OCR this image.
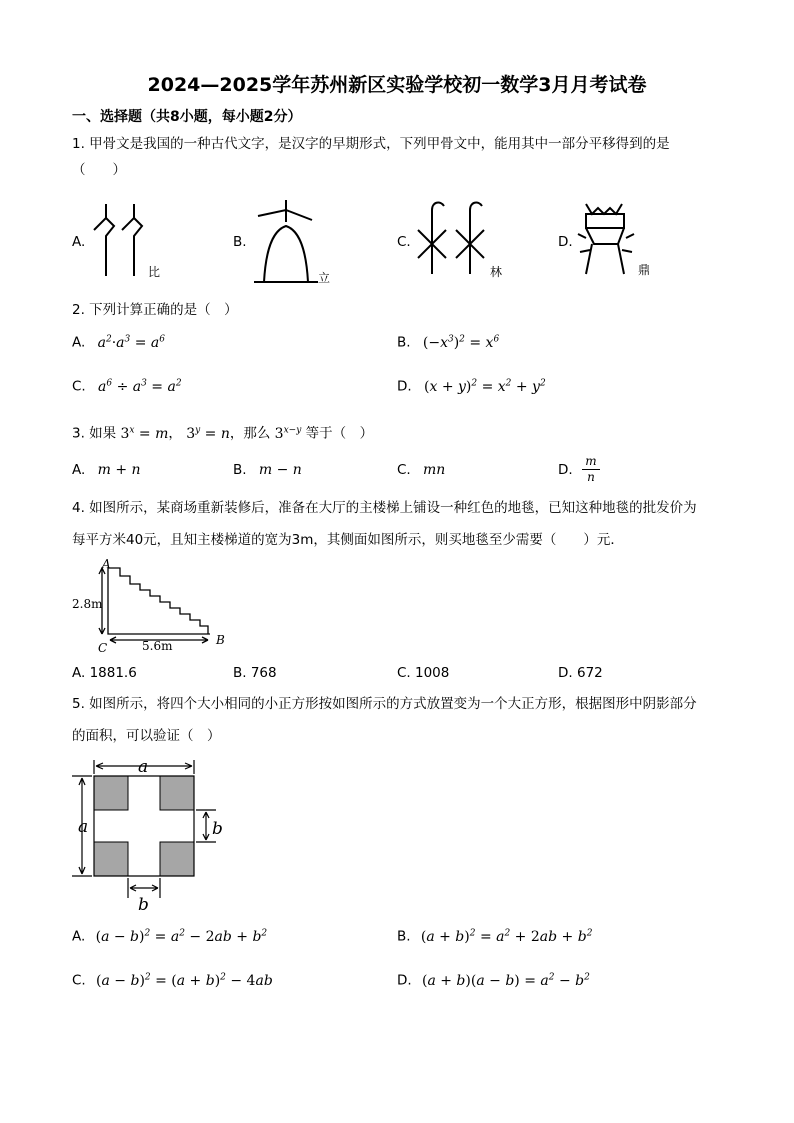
2024—2025学年苏州新区实验学校初一数学3月月考试卷
一、选择题（共8小题，每小题2分）
1. 甲骨文是我国的一种古代文字，是汉字的早期形式，下列甲骨文中，能用其中一部分平移得到的是
（　　）
A.
比
B.
立
C.
林
D.
鼎
2. 下列计算正确的是（　）
A. $a^2\cdot a^3 = a^6$	B. $(-x^3)^2 = x^6$
C. $a^6 \div a^3 = a^2$	D. $(x + y)^2 = x^2 + y^2$
3. 如果 $3^x = m$， $3^y = n$，那么 $3^{x-y}$ 等于（　）
A. m + n	B. m − n	C. mn	D.
m
n
4. 如图所示，某商场重新装修后，准备在大厅的主楼梯上铺设一种红色的地毯，已知这种地毯的批发价为
每平方米40元，且知主楼梯道的宽为3m，其侧面如图所示，则买地毯至少需要（　　）元．
A
B
C
2.8m
5.6m
A. 1881.6	B. 768	C. 1008	D. 672
5. 如图所示，将四个大小相同的小正方形按如图所示的方式放置变为一个大正方形，根据图形中阴影部分
的面积，可以验证（　）
a
a	b
b
A. $(a - b)^2 = a^2 - 2ab + b^2$	B. $(a + b)^2 = a^2 + 2ab + b^2$
C. $(a - b)^2 = (a + b)^2 - 4ab$	D. $(a + b)(a - b) = a^2 - b^2$
